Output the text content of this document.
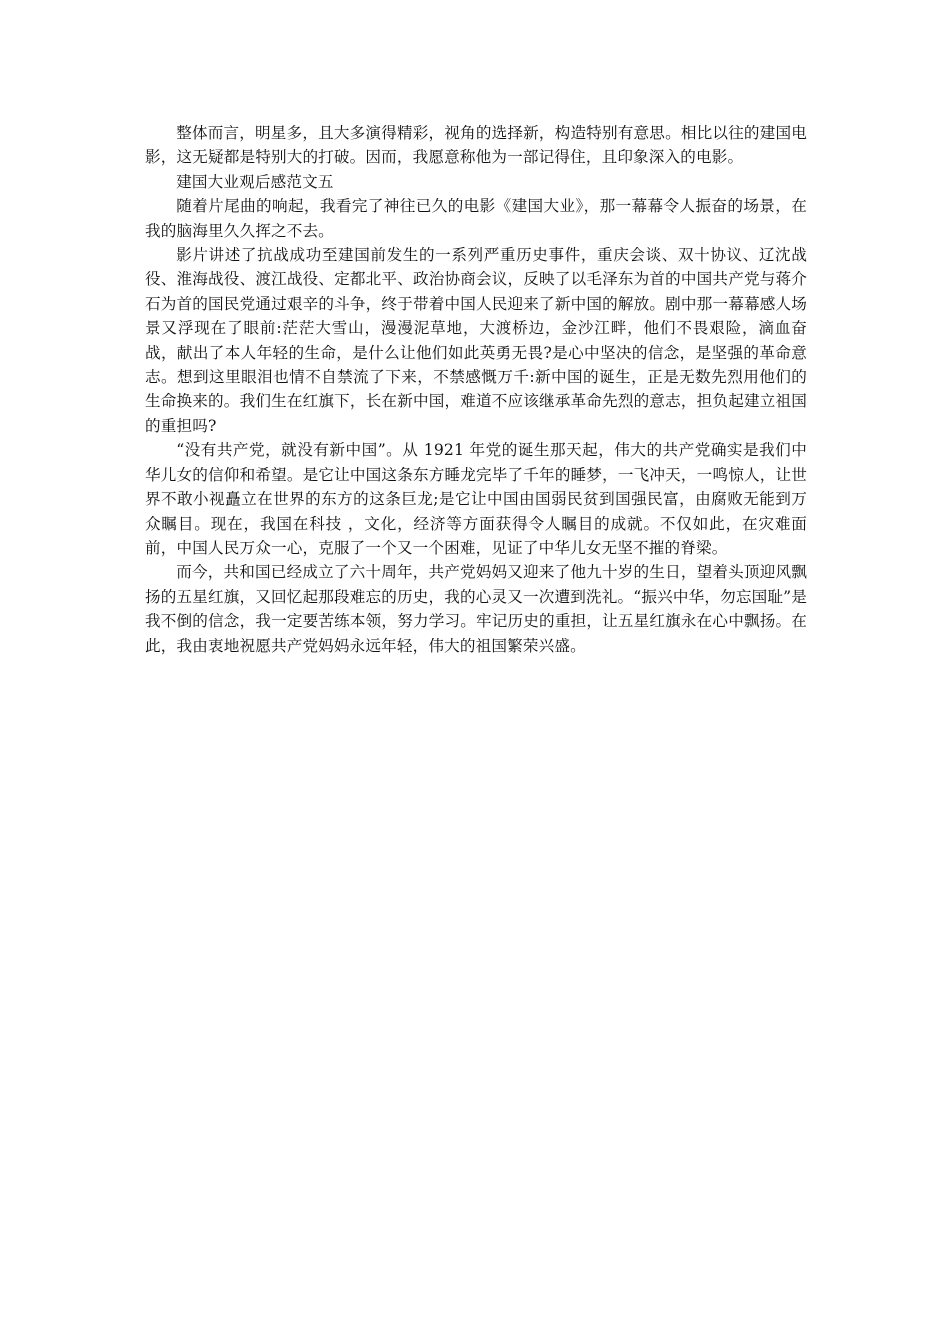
整体而言，明星多，且大多演得精彩，视角的选择新，构造特别有意思。相比以往的建国电影，这无疑都是特别大的打破。因而，我愿意称他为一部记得住，且印象深入的电影。

建国大业观后感范文五

随着片尾曲的响起，我看完了神往已久的电影《建国大业》，那一幕幕令人振奋的场景，在我的脑海里久久挥之不去。

影片讲述了抗战成功至建国前发生的一系列严重历史事件，重庆会谈、双十协议、辽沈战役、淮海战役、渡江战役、定都北平、政治协商会议，反映了以毛泽东为首的中国共产党与蒋介石为首的国民党通过艰辛的斗争，终于带着中国人民迎来了新中国的解放。剧中那一幕幕感人场景又浮现在了眼前:茫茫大雪山，漫漫泥草地，大渡桥边，金沙江畔，他们不畏艰险，滴血奋战，献出了本人年轻的生命，是什么让他们如此英勇无畏?是心中坚决的信念，是坚强的革命意志。想到这里眼泪也情不自禁流了下来，不禁感慨万千:新中国的诞生，正是无数先烈用他们的生命换来的。我们生在红旗下，长在新中国，难道不应该继承革命先烈的意志，担负起建立祖国的重担吗?

“没有共产党，就没有新中国”。从 1921 年党的诞生那天起，伟大的共产党确实是我们中华儿女的信仰和希望。是它让中国这条东方睡龙完毕了千年的睡梦，一飞冲天，一鸣惊人，让世界不敢小视矗立在世界的东方的这条巨龙;是它让中国由国弱民贫到国强民富，由腐败无能到万众瞩目。现在，我国在科技 ，文化，经济等方面获得令人瞩目的成就。不仅如此，在灾难面前，中国人民万众一心，克服了一个又一个困难，见证了中华儿女无坚不摧的脊梁。

而今，共和国已经成立了六十周年，共产党妈妈又迎来了他九十岁的生日，望着头顶迎风飘扬的五星红旗，又回忆起那段难忘的历史，我的心灵又一次遭到洗礼。“振兴中华，勿忘国耻”是我不倒的信念，我一定要苦练本领，努力学习。牢记历史的重担，让五星红旗永在心中飘扬。在此，我由衷地祝愿共产党妈妈永远年轻，伟大的祖国繁荣兴盛。
